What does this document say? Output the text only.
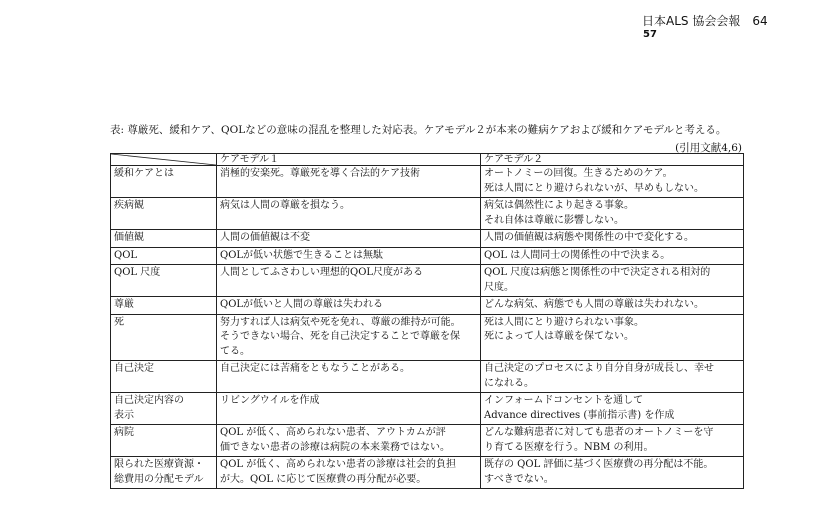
日本ALS 協会会報　64
57
表: 尊厳死、緩和ケア、QOLなどの意味の混乱を整理した対応表。ケアモデル２が本来の難病ケアおよび緩和ケアモデルと考える。
(引用文献4,6)
	ケアモデル１	ケアモデル２

緩和ケアとは	消極的安楽死。尊厳死を導く合法的ケア技術	オートノミーの回復。生きるためのケア。
死は人間にとり避けられないが、早めもしない。

疾病観	病気は人間の尊厳を損なう。	病気は偶然性により起きる事象。
それ自体は尊厳に影響しない。

価値観	人間の価値観は不変	人間の価値観は病態や関係性の中で変化する。

QOL	QOLが低い状態で生きることは無駄	QOL は人間同士の関係性の中で決まる。

QOL 尺度	人間としてふさわしい理想的QOL尺度がある	QOL 尺度は病態と関係性の中で決定される相対的
尺度。

尊厳	QOLが低いと人間の尊厳は失われる	どんな病気、病態でも人間の尊厳は失われない。

死	努力すれば人は病気や死を免れ、尊厳の維持が可能。
そうできない場合、死を自己決定することで尊厳を保
てる。	死は人間にとり避けられない事象。
死によって人は尊厳を保てない。

自己決定	自己決定には苦痛をともなうことがある。	自己決定のプロセスにより自分自身が成長し、幸せ
になれる。

自己決定内容の
表示	リビングウイルを作成	インフォームドコンセントを通して
Advance directives (事前指示書) を作成

病院	QOL が低く、高められない患者、アウトカムが評
価できない患者の診療は病院の本来業務ではない。	どんな難病患者に対しても患者のオートノミーを守
り育てる医療を行う。NBM の利用。

限られた医療資源・
総費用の分配モデル	QOL が低く、高められない患者の診療は社会的負担
が大。QOL に応じて医療費の再分配が必要。	既存の QOL 評価に基づく医療費の再分配は不能。
すべきでない。
